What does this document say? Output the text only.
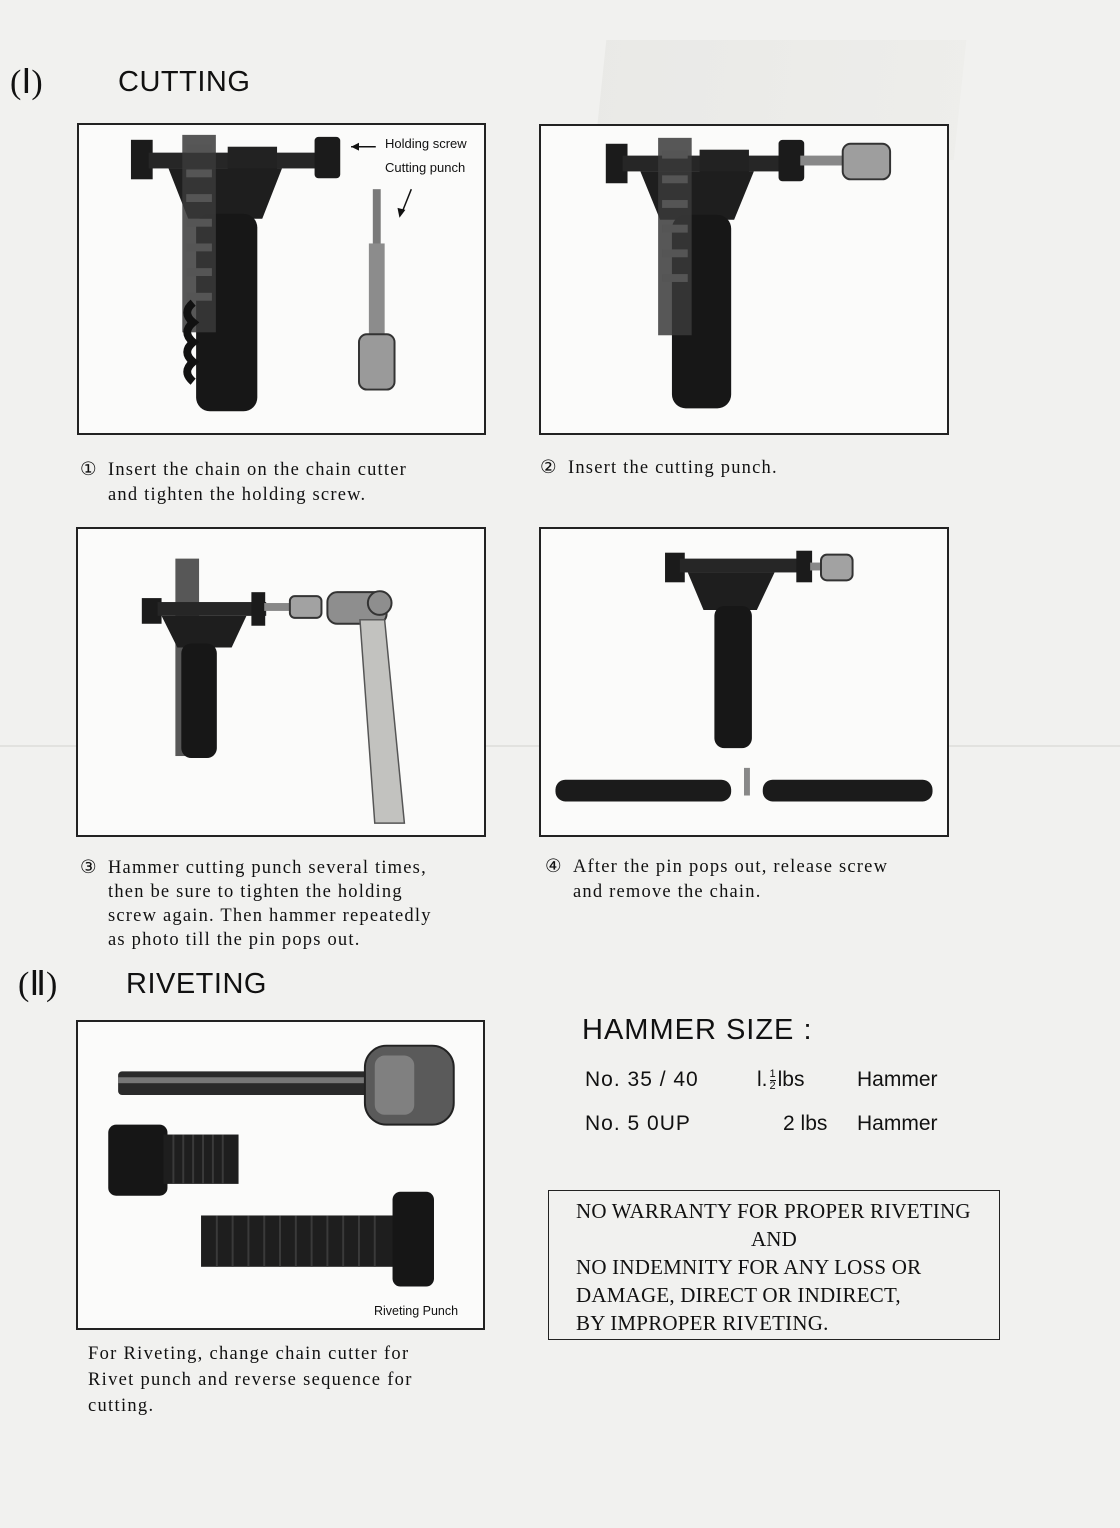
(Ⅰ)	CUTTING
Holding screw
Cutting punch
① Insert the chain on the chain cutter
and tighten the holding screw.
② Insert the cutting punch.
③ Hammer cutting punch several times,
then be sure to tighten the holding
screw again. Then hammer repeatedly
as photo till the pin pops out.
④ After the pin pops out, release screw
and remove the chain.
(Ⅱ) RIVETING
Riveting Punch
For Riveting, change chain cutter for
Rivet punch and reverse sequence for
cutting.
HAMMER SIZE :
No. 35 / 40	l. $\frac{1}{2}$ lbs	Hammer
No. 5 0UP	2 lbs Hammer
NO WARRANTY FOR PROPER RIVETING
AND
NO INDEMNITY FOR ANY LOSS OR
DAMAGE, DIRECT OR INDIRECT,
BY IMPROPER RIVETING.
